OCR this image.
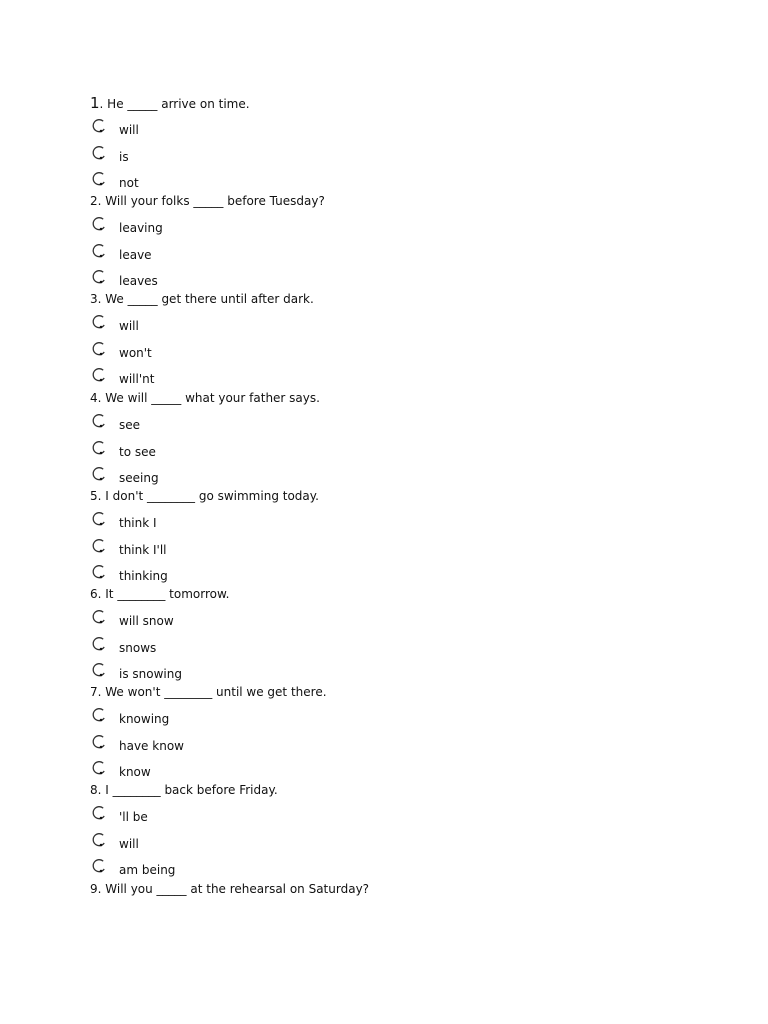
1. He _____ arrive on time.
will
is
not
2. Will your folks _____ before Tuesday?
leaving
leave
leaves
3. We _____ get there until after dark.
will
won't
will'nt
4. We will _____ what your father says.
see
to see
seeing
5. I don't ________ go swimming today.
think I
think I'll
thinking
6. It ________ tomorrow.
will snow
snows
is snowing
7. We won't ________ until we get there.
knowing
have know
know
8. I ________ back before Friday.
'll be
will
am being
9. Will you _____ at the rehearsal on Saturday?
